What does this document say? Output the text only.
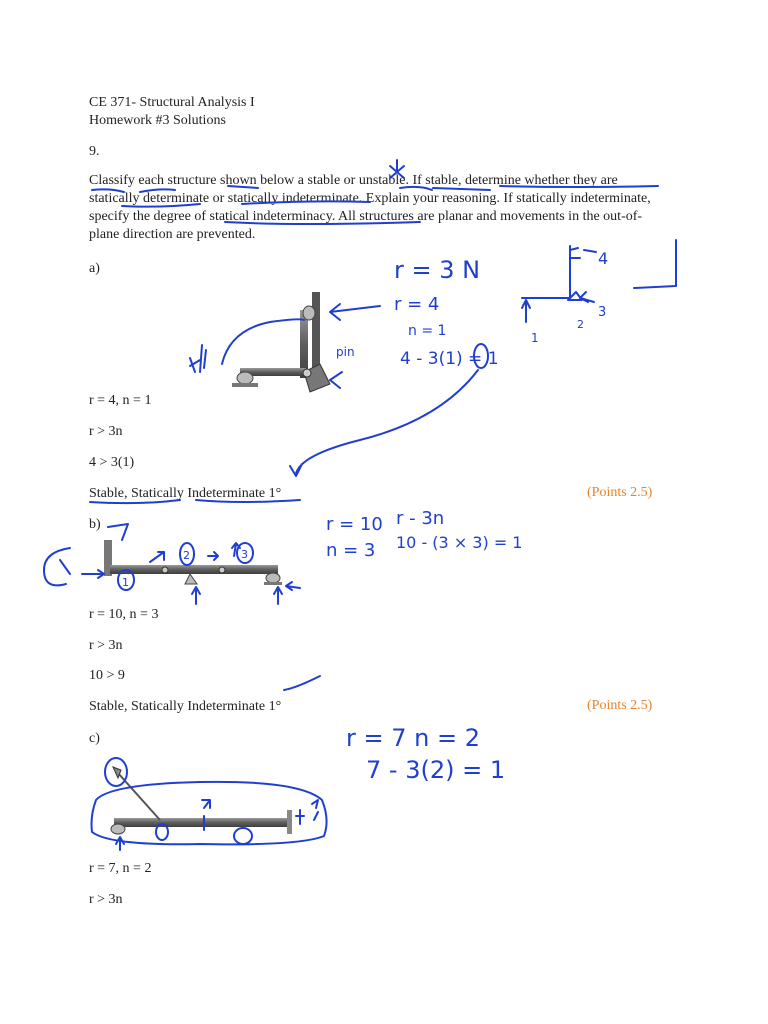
CE 371- Structural Analysis I
Homework #3 Solutions
9.
Classify each structure shown below a stable or unstable. If stable, determine whether they are statically determinate or statically indeterminate. Explain your reasoning. If statically indeterminate, specify the degree of statical indeterminacy. All structures are planar and movements in the out-of-plane direction are prevented.
a)
r = 4, n = 1
r > 3n
4 > 3(1)
Stable, Statically Indeterminate 1°	(Points 2.5)
b)
r = 10, n = 3
r > 3n
10 > 9
Stable, Statically Indeterminate 1°	(Points 2.5)
c)
r = 7, n = 2
r > 3n
r = 3 N
r = 4
n = 1
4 - 3(1) = 1
pin
4
2
3
1
r = 10
n = 3
r - 3n
10 - (3 × 3) = 1
1
2	3
r = 7 n = 2
7 - 3(2) = 1
